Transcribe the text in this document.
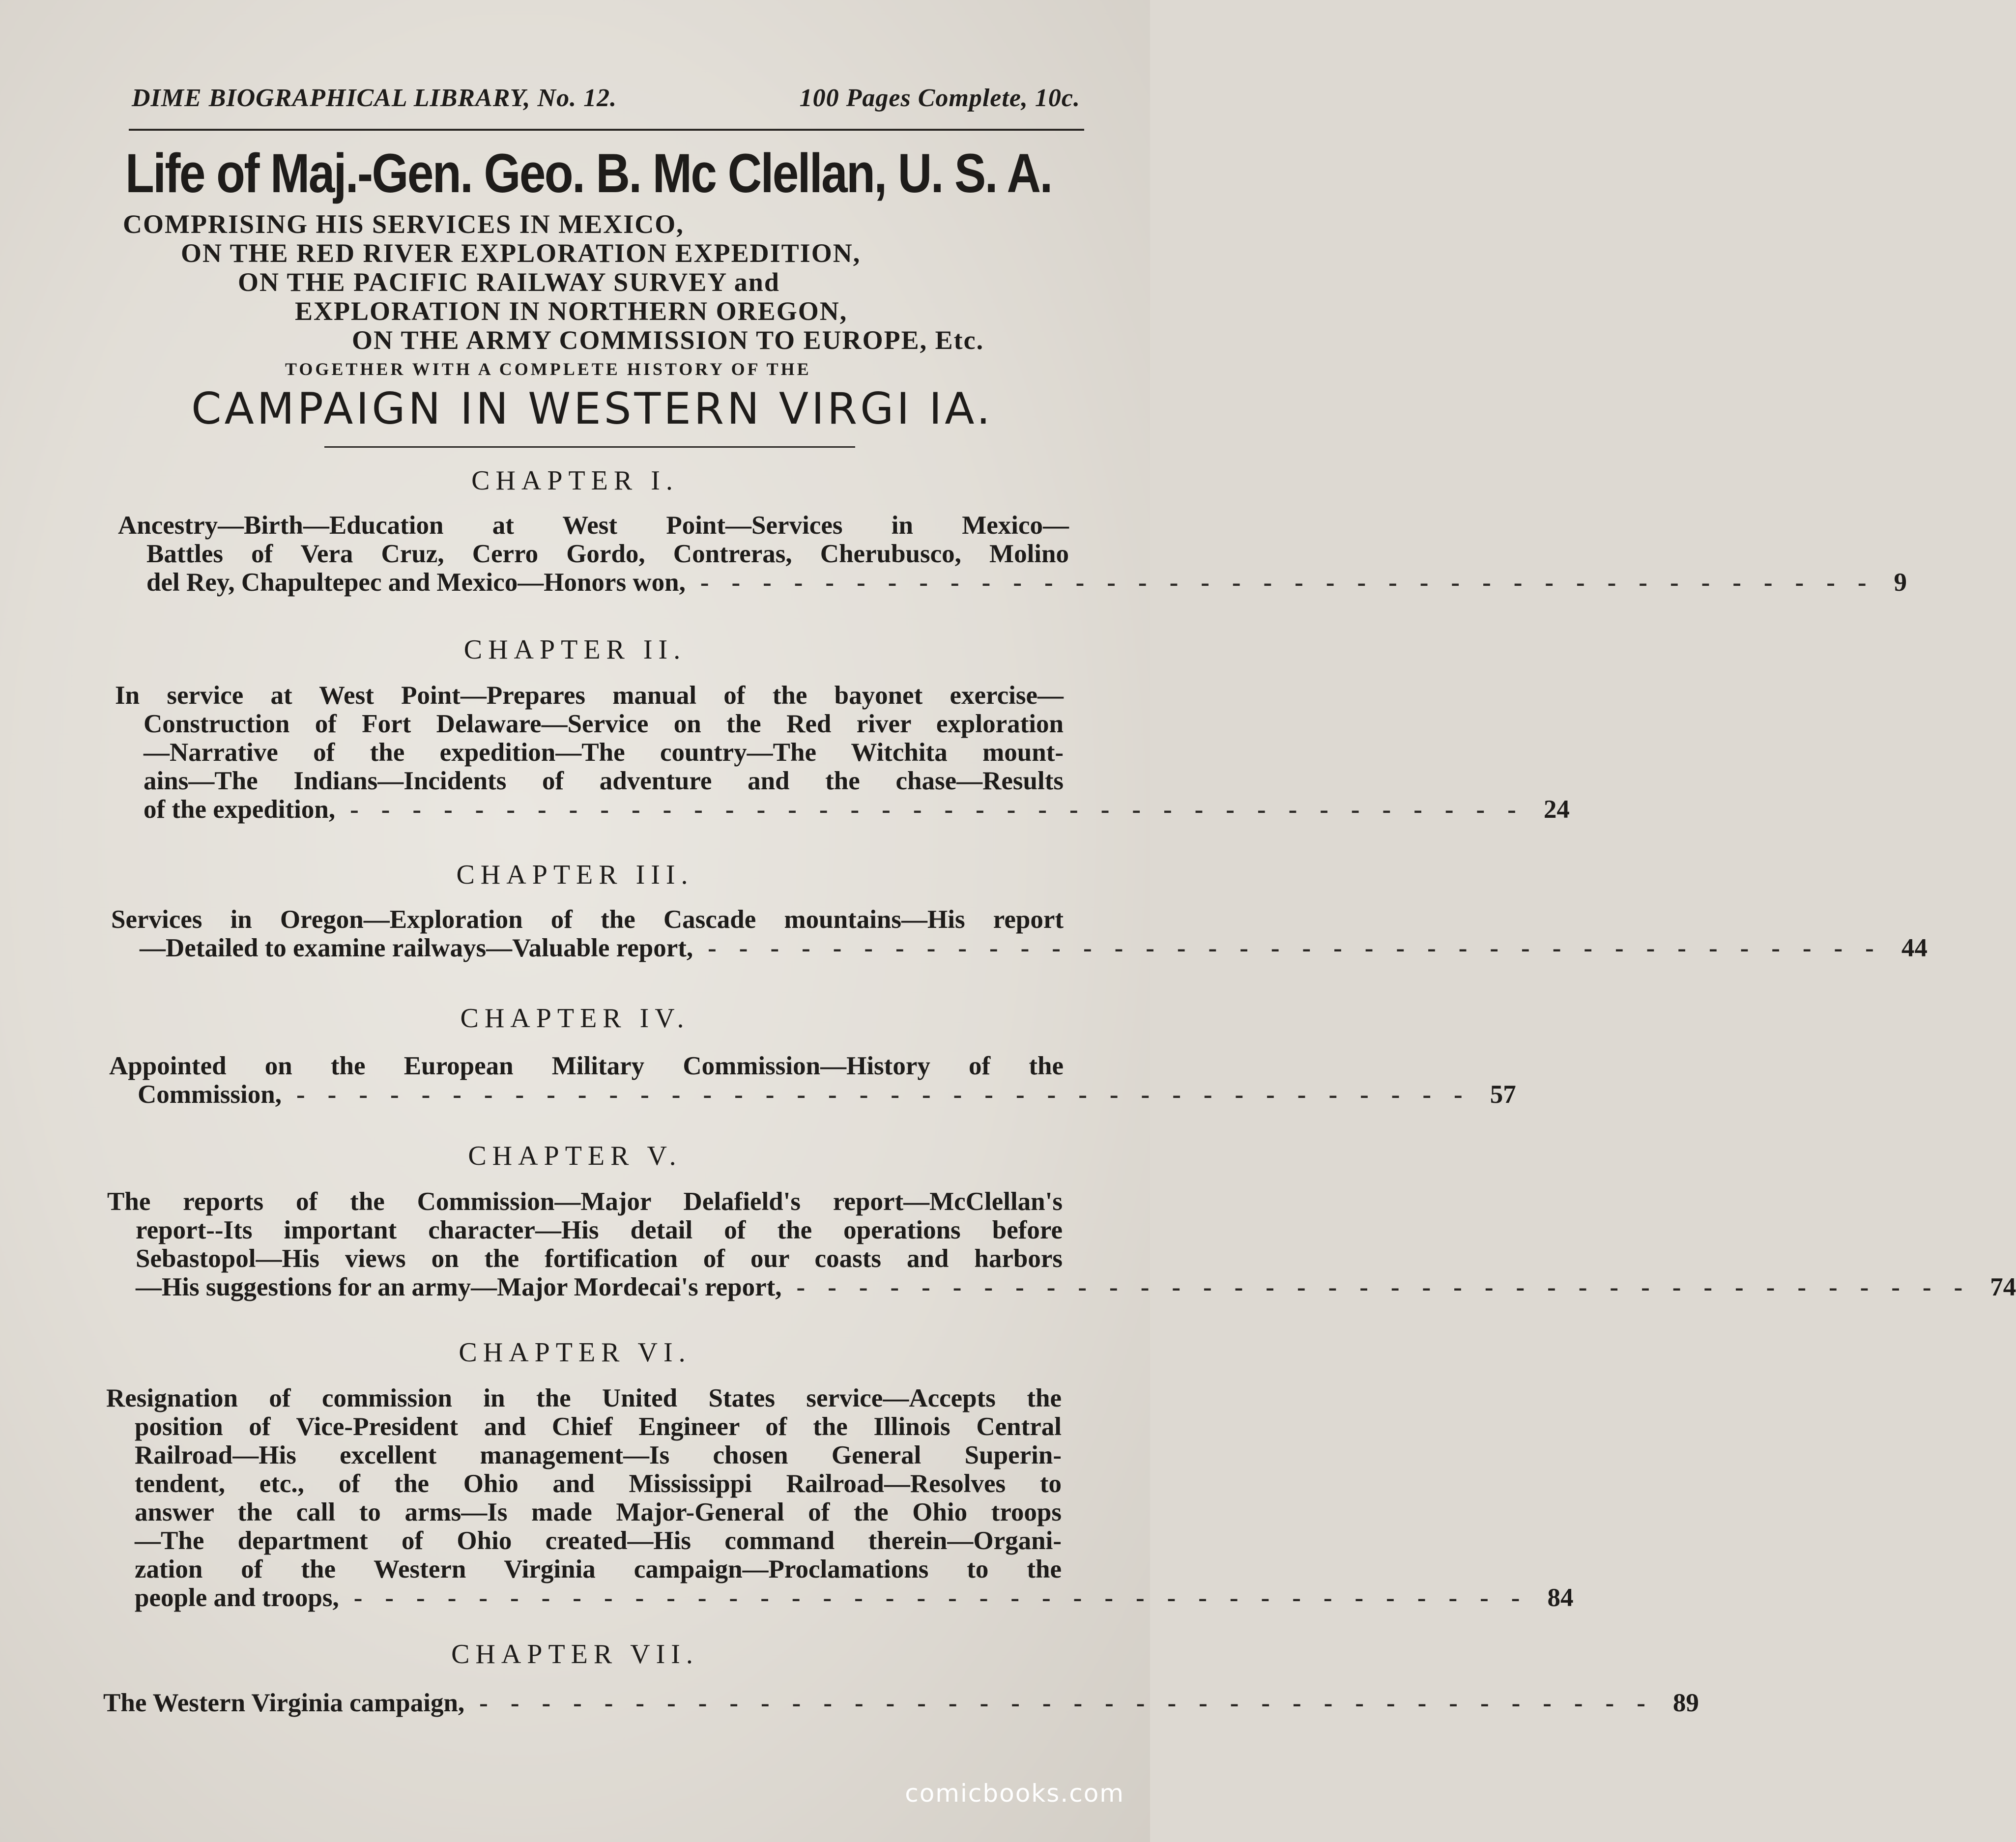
DIME BIOGRAPHICAL LIBRARY, No. 12.	100 Pages Complete, 10c.
Life of Maj.-Gen. Geo. B. Mc Clellan, U. S. A.
COMPRISING HIS SERVICES IN MEXICO,
ON THE RED RIVER EXPLORATION EXPEDITION,
ON THE PACIFIC RAILWAY SURVEY and
EXPLORATION IN NORTHERN OREGON,
ON THE ARMY COMMISSION TO EUROPE, Etc.
TOGETHER WITH A COMPLETE HISTORY OF THE
CAMPAIGN IN WESTERN VIRGI IA.
CHAPTER I.
Ancestry—Birth—Education at West Point—Services in Mexico—
Battles of Vera Cruz, Cerro Gordo, Contreras, Cherubusco, Molino
del Rey, Chapultepec and Mexico—Honors won, -------------------------------------- 9
CHAPTER II.
In service at West Point—Prepares manual of the bayonet exercise—
Construction of Fort Delaware—Service on the Red river exploration
—Narrative of the expedition—The country—The Witchita mount-
ains—The Indians—Incidents of adventure and the chase—Results
of the expedition, -------------------------------------- 24
CHAPTER III.
Services in Oregon—Exploration of the Cascade mountains—His report
—Detailed to examine railways—Valuable report, -------------------------------------- 44
CHAPTER IV.
Appointed on the European Military Commission—History of the
Commission, -------------------------------------- 57
CHAPTER V.
The reports of the Commission—Major Delafield's report—McClellan's
report--Its important character—His detail of the operations before
Sebastopol—His views on the fortification of our coasts and harbors
—His suggestions for an army—Major Mordecai's report, -------------------------------------- 74
CHAPTER VI.
Resignation of commission in the United States service—Accepts the
position of Vice-President and Chief Engineer of the Illinois Central
Railroad—His excellent management—Is chosen General Superin-
tendent, etc., of the Ohio and Mississippi Railroad—Resolves to
answer the call to arms—Is made Major-General of the Ohio troops
—The department of Ohio created—His command therein—Organi-
zation of the Western Virginia campaign—Proclamations to the
people and troops, -------------------------------------- 84
CHAPTER VII.
The Western Virginia campaign, -------------------------------------- 89
comicbooks.com
